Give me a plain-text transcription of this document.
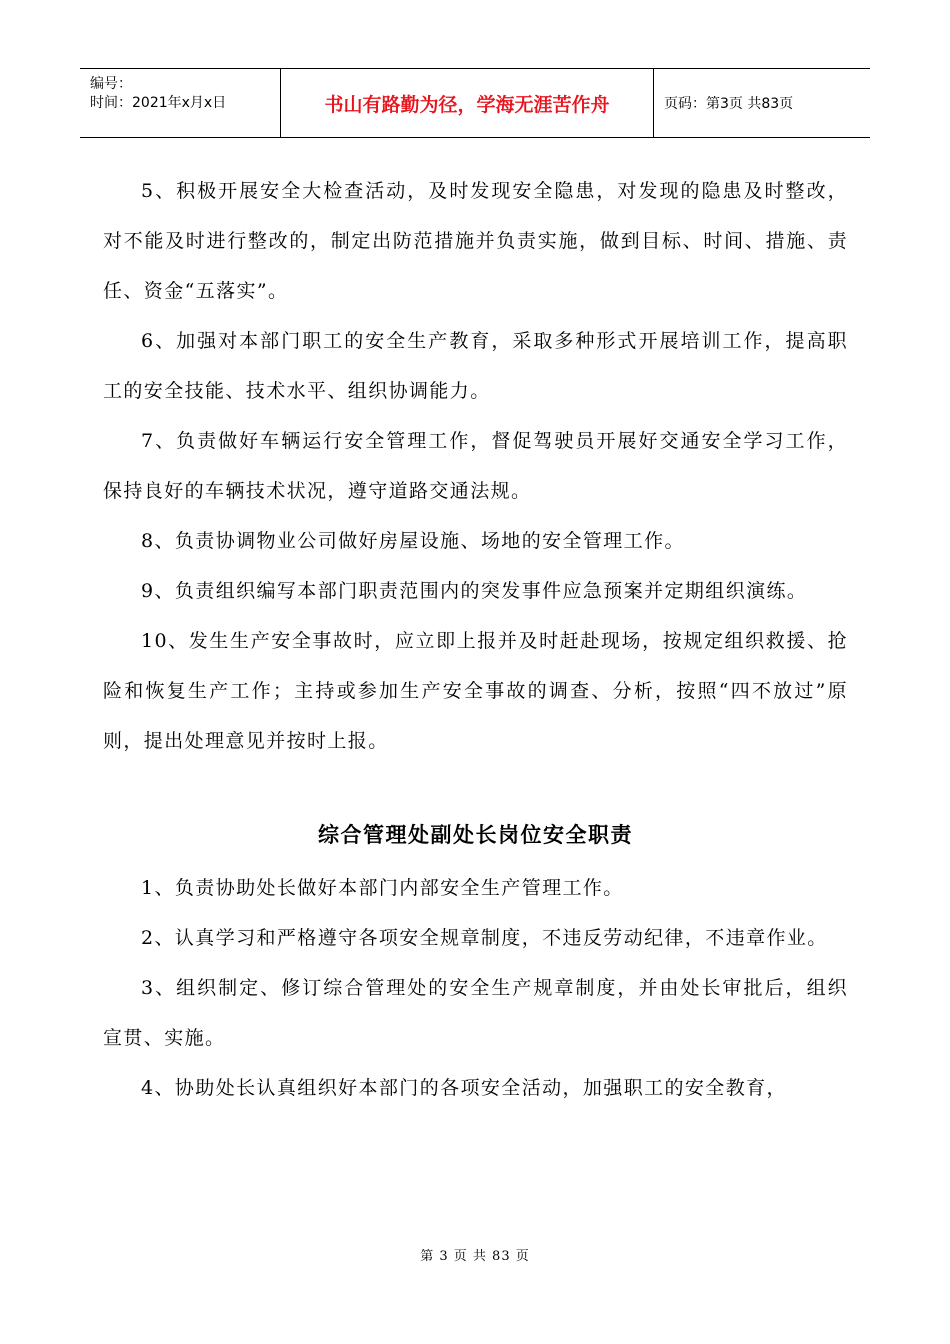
编号：
时间：2021年x月x日	书山有路勤为径，学海无涯苦作舟	页码：第3页 共83页

5、积极开展安全大检查活动，及时发现安全隐患，对发现的隐患及时整改，对不能及时进行整改的，制定出防范措施并负责实施，做到目标、时间、措施、责任、资金“五落实”。

6、加强对本部门职工的安全生产教育，采取多种形式开展培训工作，提高职工的安全技能、技术水平、组织协调能力。

7、负责做好车辆运行安全管理工作，督促驾驶员开展好交通安全学习工作，保持良好的车辆技术状况，遵守道路交通法规。

8、负责协调物业公司做好房屋设施、场地的安全管理工作。

9、负责组织编写本部门职责范围内的突发事件应急预案并定期组织演练。

10、发生生产安全事故时，应立即上报并及时赶赴现场，按规定组织救援、抢险和恢复生产工作；主持或参加生产安全事故的调查、分析，按照“四不放过”原则，提出处理意见并按时上报。

综合管理处副处长岗位安全职责

1、负责协助处长做好本部门内部安全生产管理工作。

2、认真学习和严格遵守各项安全规章制度，不违反劳动纪律，不违章作业。

3、组织制定、修订综合管理处的安全生产规章制度，并由处长审批后，组织宣贯、实施。

4、协助处长认真组织好本部门的各项安全活动，加强职工的安全教育，

第 3 页 共 83 页
